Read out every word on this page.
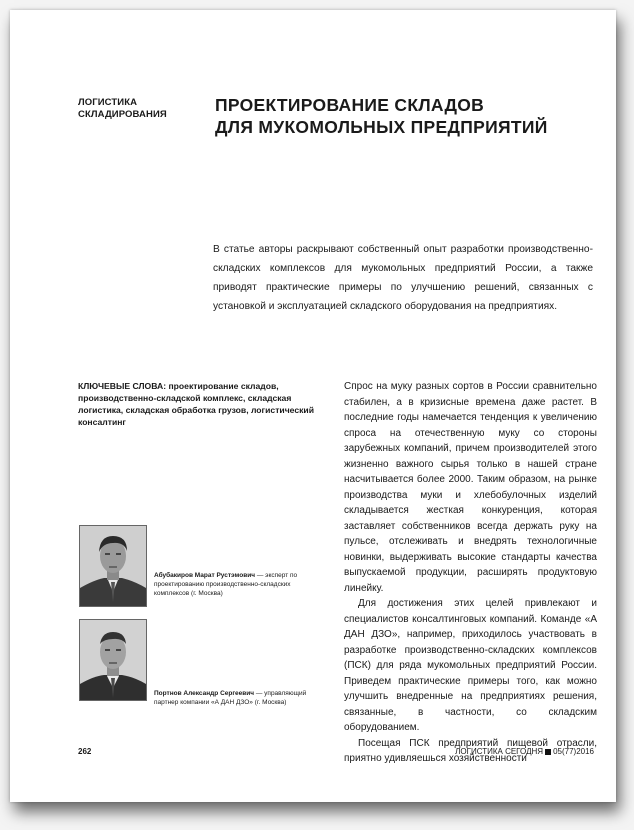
ЛОГИСТИКА
СКЛАДИРОВАНИЯ	ПРОЕКТИРОВАНИЕ СКЛАДОВ
ДЛЯ МУКОМОЛЬНЫХ ПРЕДПРИЯТИЙ
В статье авторы раскрывают собственный опыт разработки производственно-складских комплексов для мукомольных предприятий России, а также приводят практические примеры по улучшению решений, связанных с установкой и эксплуатацией складского оборудования на предприятиях.
КЛЮЧЕВЫЕ СЛОВА: проектирование складов, производственно-складской комплекс, складская логистика, складская обработка грузов, логистический консалтинг
Абубакиров Марат Рустэмович — эксперт по проектированию производственно-складских комплексов (г. Москва)
Портнов Александр Сергеевич — управляющий партнер компании «А ДАН ДЗО» (г. Москва)

Спрос на муку разных сортов в России сравнительно стабилен, а в кризисные времена даже растет. В последние годы намечается тенденция к увеличению спроса на отечественную муку со стороны зарубежных компаний, причем производителей этого жизненно важного сырья только в нашей стране насчитывается более 2000. Таким образом, на рынке производства муки и хлебобулочных изделий складывается жесткая конкуренция, которая заставляет собственников всегда держать руку на пульсе, отслеживать и внедрять технологичные новинки, выдерживать высокие стандарты качества выпускаемой продукции, расширять продуктовую линейку.

Для достижения этих целей привлекают и специалистов консалтинговых компаний. Команде «А ДАН ДЗО», например, приходилось участвовать в разработке производственно-складских комплексов (ПСК) для ряда мукомольных предприятий России. Приведем практические примеры того, как можно улучшить внедренные на предприятиях решения, связанные, в частности, со складским оборудованием.

Посещая ПСК предприятий пищевой отрасли, приятно удивляешься хозяйственности

262	ЛОГИСТИКА СЕГОДНЯ 05(77)2016
